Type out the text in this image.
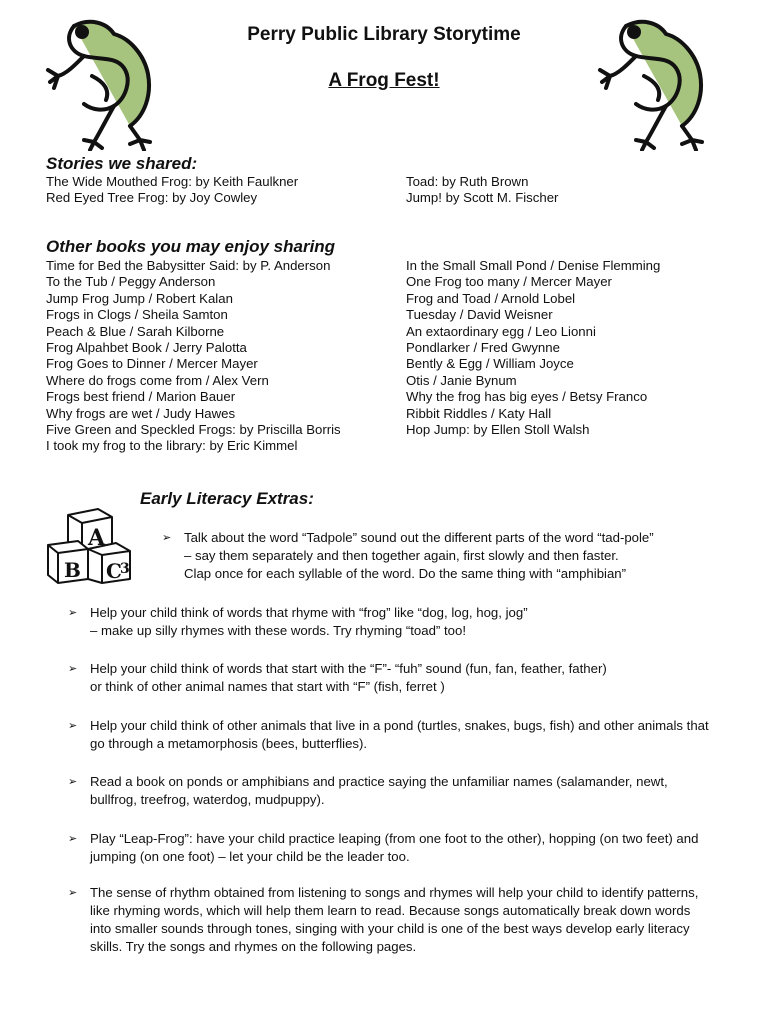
Perry Public Library Storytime
A Frog Fest!
Stories we shared:
The Wide Mouthed Frog: by Keith Faulkner
Red Eyed Tree Frog: by Joy Cowley
Toad: by Ruth Brown
Jump! by Scott M. Fischer
Other books you may enjoy sharing
Time for Bed the Babysitter Said: by P. Anderson
To the Tub / Peggy Anderson
Jump Frog Jump / Robert Kalan
Frogs in Clogs / Sheila Samton
Peach & Blue / Sarah Kilborne
Frog Alpahbet Book / Jerry Palotta
Frog Goes to Dinner / Mercer Mayer
Where do frogs come from / Alex Vern
Frogs best friend / Marion Bauer
Why frogs are wet / Judy Hawes
Five Green and Speckled Frogs: by Priscilla Borris
I took my frog to the library: by Eric Kimmel
In the Small Small Pond / Denise Flemming
One Frog too many / Mercer Mayer
Frog and Toad / Arnold Lobel
Tuesday / David Weisner
An extaordinary egg / Leo Lionni
Pondlarker / Fred Gwynne
Bently & Egg / William Joyce
Otis / Janie Bynum
Why the frog has big eyes / Betsy Franco
Ribbit Riddles / Katy Hall
Hop Jump: by Ellen Stoll Walsh
Early Literacy Extras:
A
B C
3
➢ Talk about the word “Tadpole” sound out the different parts of the word “tad-pole”
– say them separately and then together again, first slowly and then faster.
Clap once for each syllable of the word. Do the same thing with “amphibian”
➢ Help your child think of words that rhyme with “frog” like “dog, log, hog, jog”
– make up silly rhymes with these words. Try rhyming “toad” too!
➢ Help your child think of words that start with the “F”- “fuh” sound (fun, fan, feather, father)
or think of other animal names that start with “F” (fish, ferret )
➢ Help your child think of other animals that live in a pond (turtles, snakes, bugs, fish) and other animals that
go through a metamorphosis (bees, butterflies).
➢ Read a book on ponds or amphibians and practice saying the unfamiliar names (salamander, newt,
bullfrog, treefrog, waterdog, mudpuppy).
➢ Play “Leap-Frog”: have your child practice leaping (from one foot to the other), hopping (on two feet) and
jumping (on one foot) – let your child be the leader too.
➢ The sense of rhythm obtained from listening to songs and rhymes will help your child to identify patterns,
like rhyming words, which will help them learn to read. Because songs automatically break down words
into smaller sounds through tones, singing with your child is one of the best ways develop early literacy
skills. Try the songs and rhymes on the following pages.
